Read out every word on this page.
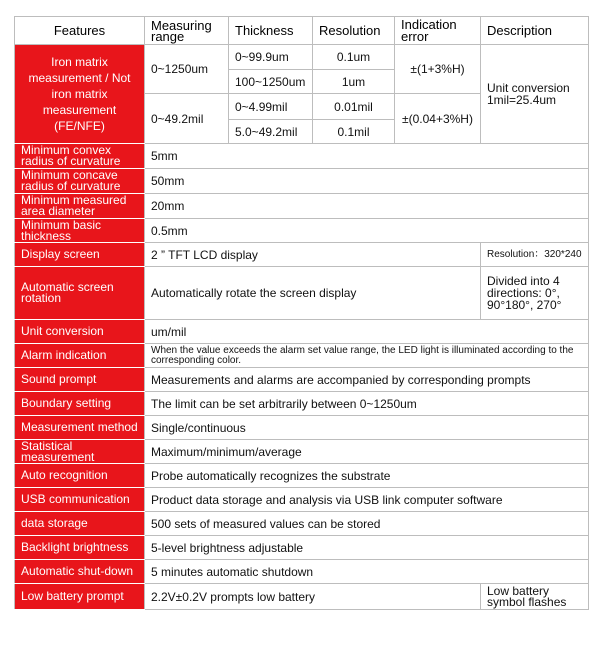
Features	Measuring range	Thickness	Resolution	Indication error	Description
Iron matrix measurement / Not iron matrix measurement (FE/NFE)	0~1250um	0~99.9um	0.1um	±(1+3%H)	Unit conversion 1mil=25.4um
		100~1250um	1um		
	0~49.2mil	0~4.99mil	0.01mil	±(0.04+3%H)	
		5.0~49.2mil	0.1mil		
Minimum convex radius of curvature	5mm				
Minimum concave radius of curvature	50mm				
Minimum measured area diameter	20mm				
Minimum basic thickness	0.5mm				
Display screen	2 ” TFT LCD display				Resolution：320*240
Automatic screen rotation	Automatically rotate the screen display				Divided into 4 directions: 0°, 90°180°, 270°
Unit conversion	um/mil				
Alarm indication	When the value exceeds the alarm set value range, the LED light is illuminated according to the corresponding color.				
Sound prompt	Measurements and alarms are accompanied by corresponding prompts				
Boundary setting	The limit can be set arbitrarily between 0~1250um				
Measurement method	Single/continuous				
Statistical measurement	Maximum/minimum/average				
Auto recognition	Probe automatically recognizes the substrate				
USB communication	Product data storage and analysis via USB link computer software				
data storage	500 sets of measured values can be stored				
Backlight brightness	5-level brightness adjustable				
Automatic shut-down	5 minutes automatic shutdown				
Low battery prompt	2.2V±0.2V prompts low battery				Low battery symbol flashes
